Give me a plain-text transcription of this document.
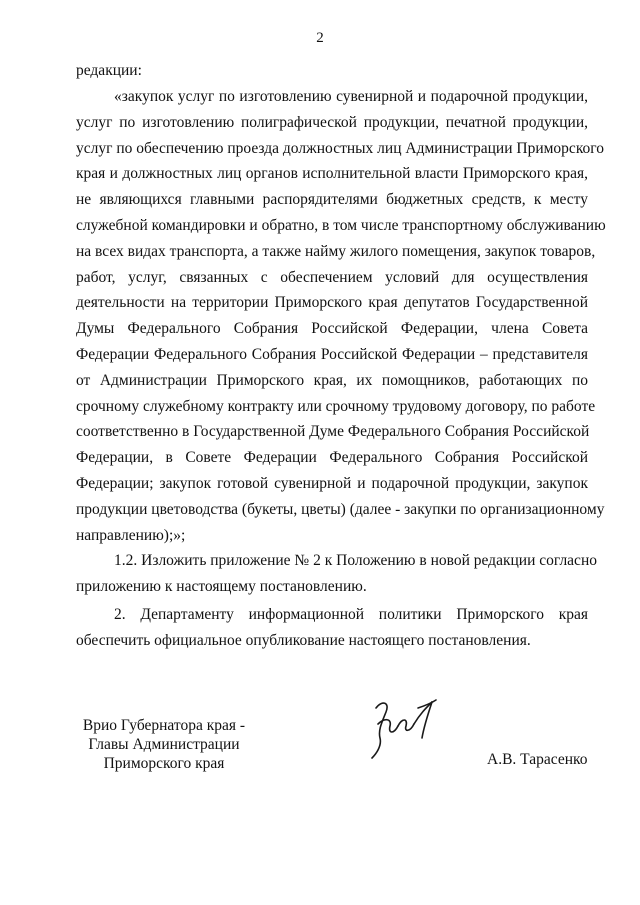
2
редакции:
«закупок услуг по изготовлению сувенирной и подарочной продукции,
услуг по изготовлению полиграфической продукции, печатной продукции,
услуг по обеспечению проезда должностных лиц Администрации Приморского
края и должностных лиц органов исполнительной власти Приморского края,
не являющихся главными распорядителями бюджетных средств, к месту
служебной командировки и обратно, в том числе транспортному обслуживанию
на всех видах транспорта, а также найму жилого помещения, закупок товаров,
работ, услуг, связанных с обеспечением условий для осуществления
деятельности на территории Приморского края депутатов Государственной
Думы Федерального Собрания Российской Федерации, члена Совета
Федерации Федерального Собрания Российской Федерации – представителя
от Администрации Приморского края, их помощников, работающих по
срочному служебному контракту или срочному трудовому договору, по работе
соответственно в Государственной Думе Федерального Собрания Российской
Федерации, в Совете Федерации Федерального Собрания Российской
Федерации; закупок готовой сувенирной и подарочной продукции, закупок
продукции цветоводства (букеты, цветы) (далее - закупки по организационному
направлению);»;
1.2. Изложить приложение № 2 к Положению в новой редакции согласно
приложению к настоящему постановлению.
2. Департаменту информационной политики Приморского края
обеспечить официальное опубликование настоящего постановления.
Врио Губернатора края -
Главы Администрации
Приморского края	А.В. Тарасенко
